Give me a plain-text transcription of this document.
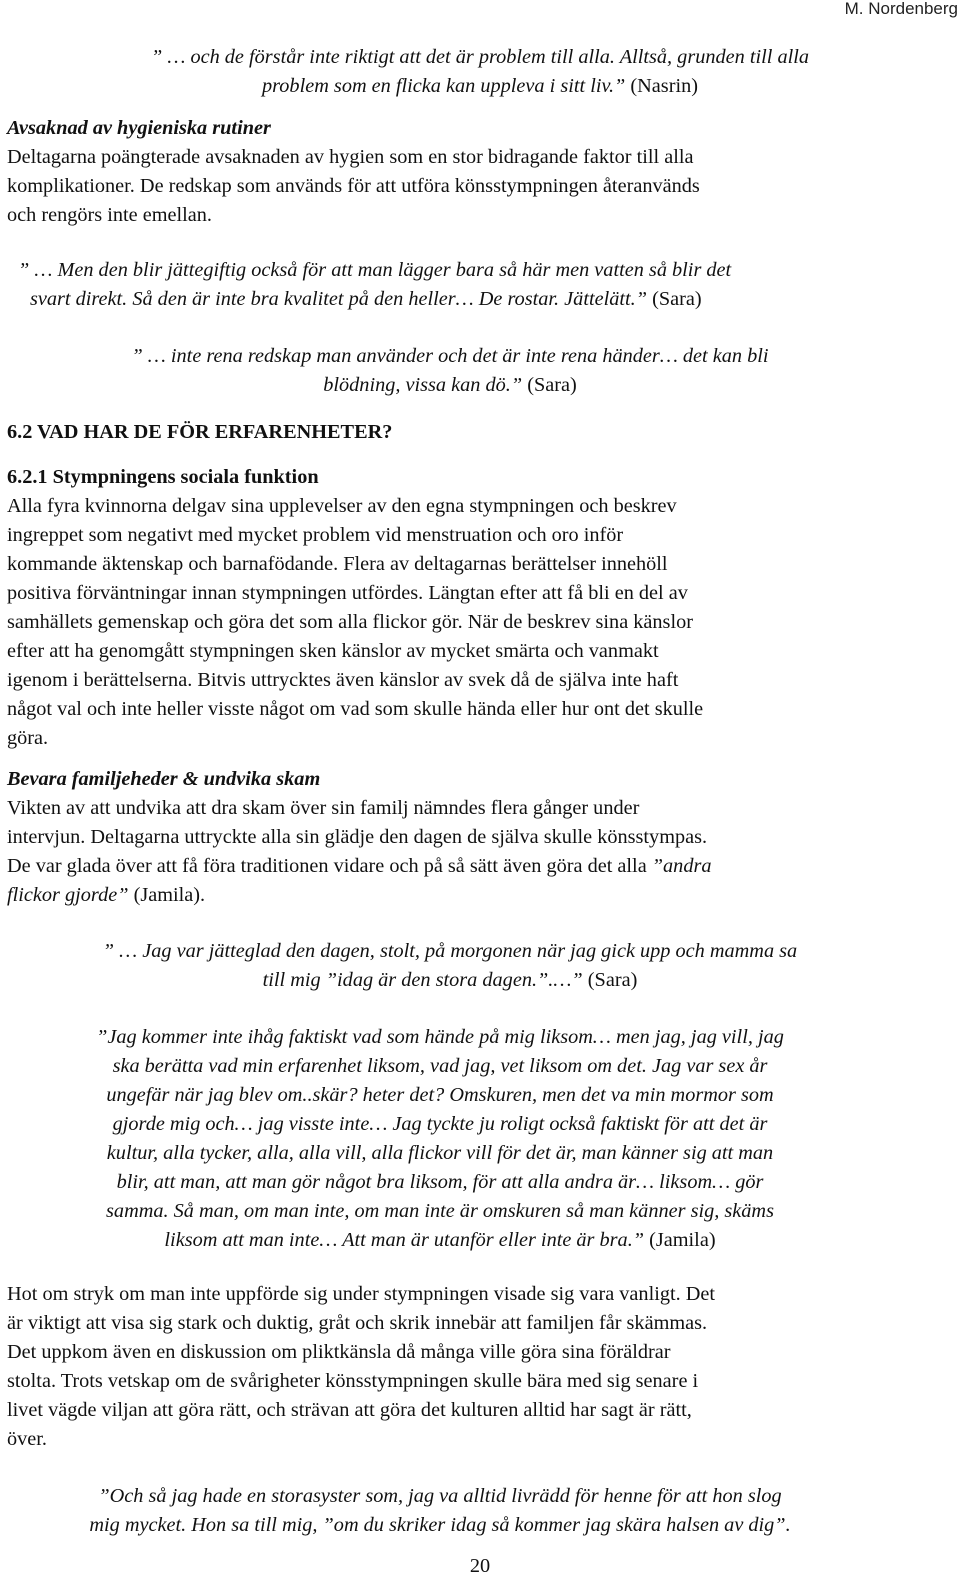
M. Nordenberg
” … och de förstår inte riktigt att det är problem till alla. Alltså, grunden till alla
problem som en flicka kan uppleva i sitt liv.” (Nasrin)
Avsaknad av hygieniska rutiner
Deltagarna poängterade avsaknaden av hygien som en stor bidragande faktor till alla
komplikationer. De redskap som används för att utföra könsstympningen återanvänds
och rengörs inte emellan.
” … Men den blir jättegiftig också för att man lägger bara så här men vatten så blir det
svart direkt. Så den är inte bra kvalitet på den heller… De rostar. Jättelätt.” (Sara)
” … inte rena redskap man använder och det är inte rena händer… det kan bli
blödning, vissa kan dö.” (Sara)
6.2 VAD HAR DE FÖR ERFARENHETER?
6.2.1 Stympningens sociala funktion
Alla fyra kvinnorna delgav sina upplevelser av den egna stympningen och beskrev
ingreppet som negativt med mycket problem vid menstruation och oro inför
kommande äktenskap och barnafödande. Flera av deltagarnas berättelser innehöll
positiva förväntningar innan stympningen utfördes. Längtan efter att få bli en del av
samhällets gemenskap och göra det som alla flickor gör. När de beskrev sina känslor
efter att ha genomgått stympningen sken känslor av mycket smärta och vanmakt
igenom i berättelserna. Bitvis uttrycktes även känslor av svek då de själva inte haft
något val och inte heller visste något om vad som skulle hända eller hur ont det skulle
göra.
Bevara familjeheder & undvika skam
Vikten av att undvika att dra skam över sin familj nämndes flera gånger under
intervjun. Deltagarna uttryckte alla sin glädje den dagen de själva skulle könsstympas.
De var glada över att få föra traditionen vidare och på så sätt även göra det alla ”andra
flickor gjorde” (Jamila).
” … Jag var jätteglad den dagen, stolt, på morgonen när jag gick upp och mamma sa
till mig ”idag är den stora dagen.”.…” (Sara)
”Jag kommer inte ihåg faktiskt vad som hände på mig liksom… men jag, jag vill, jag
ska berätta vad min erfarenhet liksom, vad jag, vet liksom om det. Jag var sex år
ungefär när jag blev om..skär? heter det? Omskuren, men det va min mormor som
gjorde mig och… jag visste inte… Jag tyckte ju roligt också faktiskt för att det är
kultur, alla tycker, alla, alla vill, alla flickor vill för det är, man känner sig att man
blir, att man, att man gör något bra liksom, för att alla andra är… liksom… gör
samma. Så man, om man inte, om man inte är omskuren så man känner sig, skäms
liksom att man inte… Att man är utanför eller inte är bra.” (Jamila)
Hot om stryk om man inte uppförde sig under stympningen visade sig vara vanligt. Det
är viktigt att visa sig stark och duktig, gråt och skrik innebär att familjen får skämmas.
Det uppkom även en diskussion om pliktkänsla då många ville göra sina föräldrar
stolta. Trots vetskap om de svårigheter könsstympningen skulle bära med sig senare i
livet vägde viljan att göra rätt, och strävan att göra det kulturen alltid har sagt är rätt,
över.
”Och så jag hade en storasyster som, jag va alltid livrädd för henne för att hon slog
mig mycket. Hon sa till mig, ”om du skriker idag så kommer jag skära halsen av dig”.
20
